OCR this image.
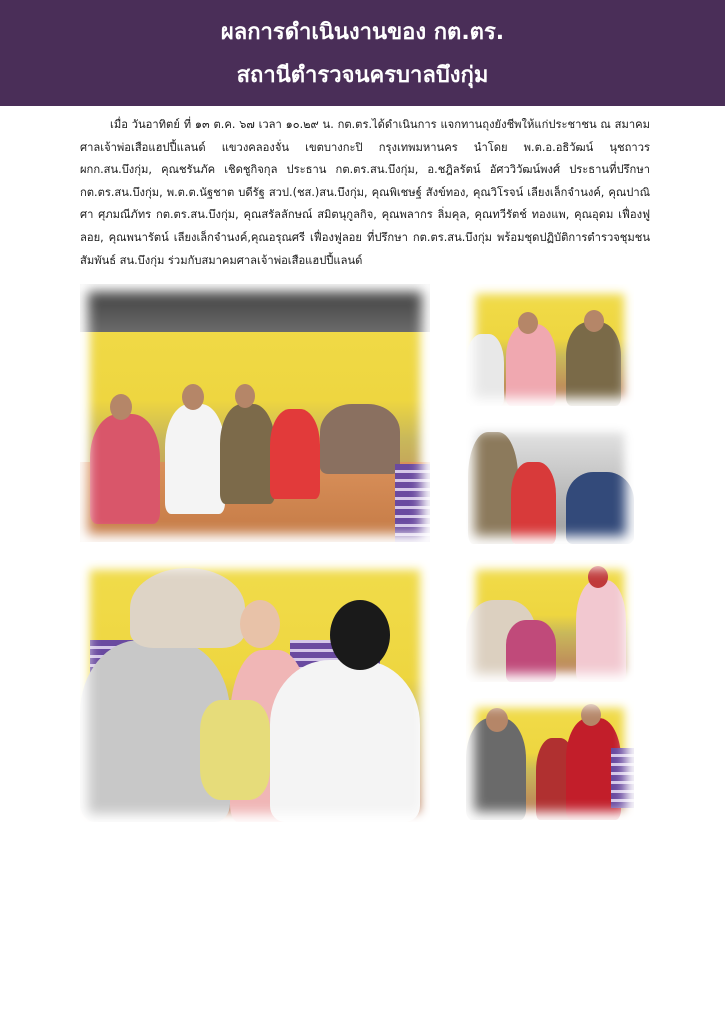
ผลการดำเนินงานของ กต.ตร.
สถานีตำรวจนครบาลบึงกุ่ม
เมื่อ วันอาทิตย์ ที่ ๑๓ ต.ค. ๖๗ เวลา ๑๐.๒๙ น. กต.ตร.ได้ดำเนินการ แจกทานถุงยังชีพให้แก่ประชาชน ณ สมาคมศาลเจ้าพ่อเสือแฮปปี้แลนด์ แขวงคลองจั่น เขตบางกะปิ กรุงเทพมหานคร นำโดย พ.ต.อ.อธิวัฒน์ นุชถาวร ผกก.สน.บึงกุ่ม, คุณชรันภัค เชิดชูกิจกุล ประธาน กต.ตร.สน.บึงกุ่ม, อ.ชฎิลรัตน์ อัศววิวัฒน์พงศ์ ประธานที่ปรึกษา กต.ตร.สน.บึงกุ่ม, พ.ต.ต.นัฐชาต บดีรัฐ สวป.(ชส.)สน.บึงกุ่ม, คุณพิเชษฐ์ สังข์ทอง, คุณวิโรจน์ เลียงเล็กจำนงค์, คุณปาณิศา ศุภมณีภัทร กต.ตร.สน.บึงกุ่ม, คุณสรัลลักษณ์ สมิตนุกูลกิจ, คุณพลากร ลิ่มคุล, คุณทวีรัตช์ ทองแพ, คุณอุดม เฟื่องฟูลอย, คุณพนารัตน์ เลียงเล็กจำนงค์,คุณอรุณศรี เฟื่องฟูลอย ที่ปรึกษา กต.ตร.สน.บึงกุ่ม พร้อมชุดปฏิบัติการตำรวจชุมชนสัมพันธ์ สน.บึงกุ่ม ร่วมกับสมาคมศาลเจ้าพ่อเสือแฮปปี้แลนด์
